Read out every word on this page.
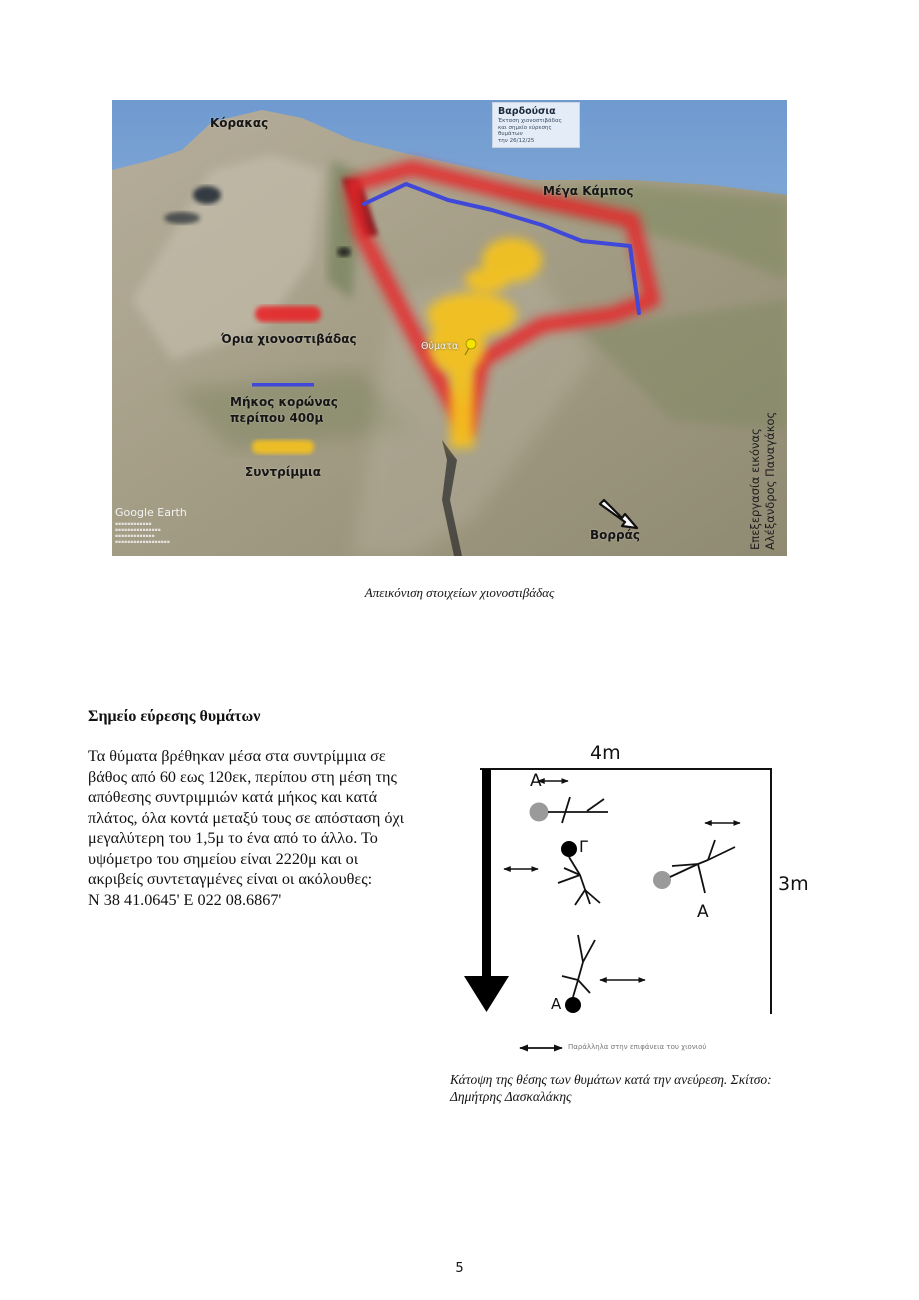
Βαρδούσια
Έκταση χιονοστιβάδας
και σημείο εύρεσης θυμάτων
την 26/12/25
Κόρακας
Μέγα Κάμπος
Όρια χιονοστιβάδας
Μήκος κορώνας
περίπου 400μ
Συντρίμμια
Θύματα
Βορράς
Google Earth
▪▪▪▪▪▪▪▪▪▪▪▪
▪▪▪▪▪▪▪▪▪▪▪▪▪▪▪
▪▪▪▪▪▪▪▪▪▪▪▪▪
▪▪▪▪▪▪▪▪▪▪▪▪▪▪▪▪▪▪	Επεξεργασία εικόνας Αλέξανδρος Παναγάκος
Απεικόνιση στοιχείων χιονοστιβάδας
Σημείο εύρεσης θυμάτων
Τα θύματα βρέθηκαν μέσα στα συντρίμμια σε
βάθος από 60 εως 120εκ, περίπου στη μέση της
απόθεσης συντριμμιών κατά μήκος και κατά
πλάτος, όλα κοντά μεταξύ τους σε απόσταση όχι
μεγαλύτερη του 1,5μ το ένα από το άλλο. Το
υψόμετρο του σημείου είναι 2220μ και οι
ακριβείς συντεταγμένες είναι οι ακόλουθες:
N 38 41.0645' E 022 08.6867'
4m
3m
Α
Γ
Α
Α
Παράλληλα στην επιφάνεια του χιονιού
Κάτοψη της θέσης των θυμάτων κατά την ανεύρεση. Σκίτσο:
Δημήτρης Δασκαλάκης
5
